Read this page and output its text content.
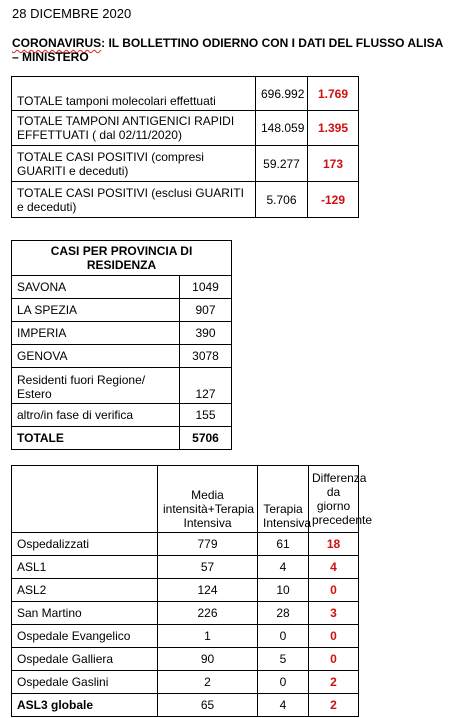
28 DICEMBRE 2020
CORONAVIRUS: IL BOLLETTINO ODIERNO CON I DATI DEL FLUSSO ALISA – MINISTERO
TOTALE tamponi molecolari effettuati	696.992	1.769
TOTALE TAMPONI ANTIGENICI RAPIDI EFFETTUATI ( dal 02/11/2020)	148.059	1.395
TOTALE CASI POSITIVI (compresi GUARITI e deceduti)	59.277	173
TOTALE CASI POSITIVI (esclusi GUARITI e deceduti)	5.706	-129
CASI PER PROVINCIA DI RESIDENZA	
SAVONA	1049
LA SPEZIA	907
IMPERIA	390
GENOVA	3078
Residenti fuori Regione/ Estero	127
altro/in fase di verifica	155
TOTALE	5706
	Media intensità+Terapia Intensiva	Terapia Intensiva	Differenza da giorno precedente
Ospedalizzati	779	61	18
ASL1	57	4	4
ASL2	124	10	0
San Martino	226	28	3
Ospedale Evangelico	1	0	0
Ospedale Galliera	90	5	0
Ospedale Gaslini	2	0	2
ASL3 globale	65	4	2
